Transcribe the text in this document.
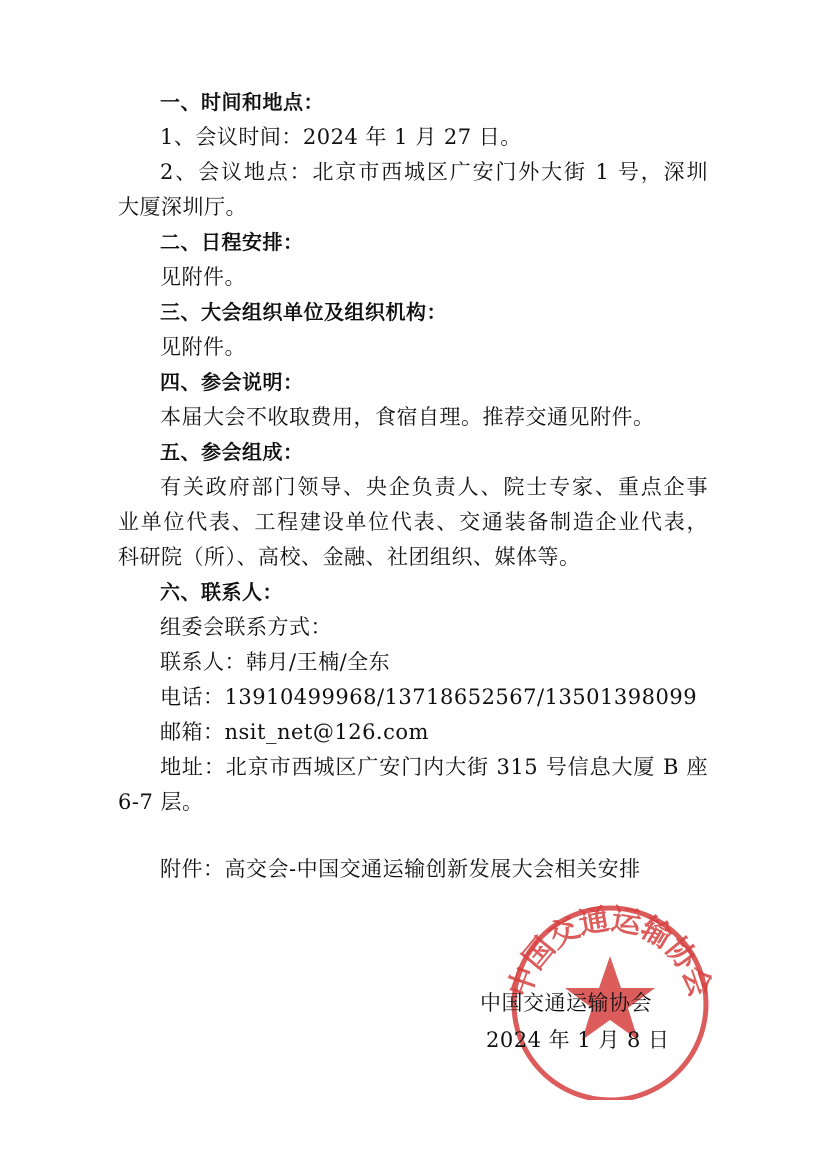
一、时间和地点：
1、会议时间：2024 年 1 月 27 日。
2、会议地点：北京市西城区广安门外大街 1 号，深圳
大厦深圳厅。
二、日程安排：
见附件。
三、大会组织单位及组织机构：
见附件。
四、参会说明：
本届大会不收取费用，食宿自理。推荐交通见附件。
五、参会组成：
有关政府部门领导、央企负责人、院士专家、重点企事
业单位代表、工程建设单位代表、交通装备制造企业代表，
科研院（所）、高校、金融、社团组织、媒体等。
六、联系人：
组委会联系方式：
联系人：韩月/王楠/全东
电话：13910499968/13718652567/13501398099
邮箱：nsit_net@126.com
地址：北京市西城区广安门内大街 315 号信息大厦 B 座
6-7 层。
附件：高交会-中国交通运输创新发展大会相关安排
中国交通运输协会
中国交通运输协会
2024 年 1 月 8 日
